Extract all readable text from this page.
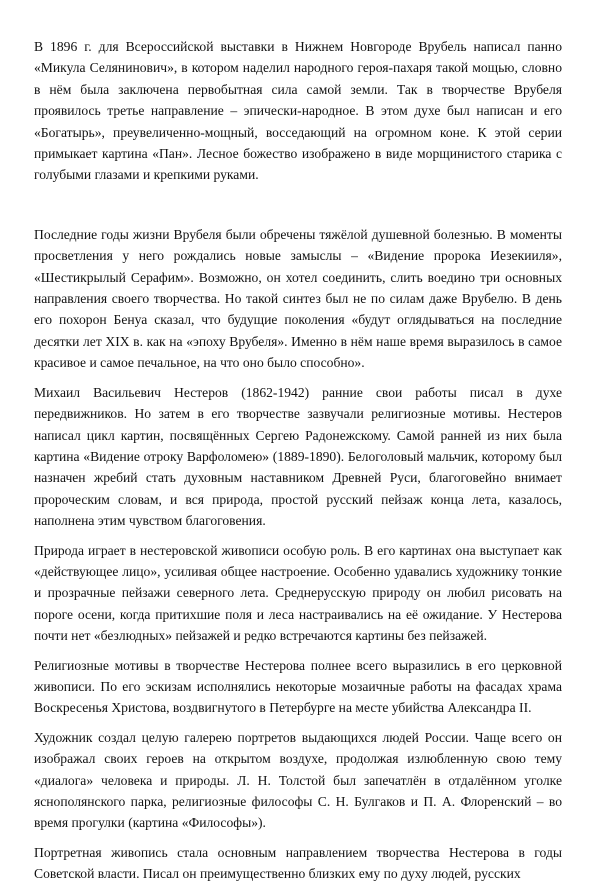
В 1896 г. для Всероссийской выставки в Нижнем Новгороде Врубель написал панно «Микула Селянинович», в котором наделил народного героя-пахаря такой мощью, словно в нём была заключена первобытная сила самой земли. Так в творчестве Врубеля проявилось третье направление – эпически-народное. В этом духе был написан и его «Богатырь», преувеличенно-мощный, восседающий на огромном коне. К этой серии примыкает картина «Пан». Лесное божество изображено в виде морщинистого старика с голубыми глазами и крепкими руками.

Последние годы жизни Врубеля были обречены тяжёлой душевной болезнью. В моменты просветления у него рождались новые замыслы – «Видение пророка Иезекииля», «Шестикрылый Серафим». Возможно, он хотел соединить, слить воедино три основных направления своего творчества. Но такой синтез был не по силам даже Врубелю. В день его похорон Бенуа сказал, что будущие поколения «будут оглядываться на последние десятки лет XIX в. как на «эпоху Врубеля». Именно в нём наше время выразилось в самое красивое и самое печальное, на что оно было способно».

Михаил Васильевич Нестеров (1862-1942) ранние свои работы писал в духе передвижников. Но затем в его творчестве зазвучали религиозные мотивы. Нестеров написал цикл картин, посвящённых Сергею Радонежскому. Самой ранней из них была картина «Видение отроку Варфоломею» (1889-1890). Белоголовый мальчик, которому был назначен жребий стать духовным наставником Древней Руси, благоговейно внимает пророческим словам, и вся природа, простой русский пейзаж конца лета, казалось, наполнена этим чувством благоговения.

Природа играет в нестеровской живописи особую роль. В его картинах она выступает как «действующее лицо», усиливая общее настроение. Особенно удавались художнику тонкие и прозрачные пейзажи северного лета. Среднерусскую природу он любил рисовать на пороге осени, когда притихшие поля и леса настраивались на её ожидание. У Нестерова почти нет «безлюдных» пейзажей и редко встречаются картины без пейзажей.

Религиозные мотивы в творчестве Нестерова полнее всего выразились в его церковной живописи. По его эскизам исполнялись некоторые мозаичные работы на фасадах храма Воскресенья Христова, воздвигнутого в Петербурге на месте убийства Александра II.

Художник создал целую галерею портретов выдающихся людей России. Чаще всего он изображал своих героев на открытом воздухе, продолжая излюбленную свою тему «диалога» человека и природы. Л. Н. Толстой был запечатлён в отдалённом уголке яснополянского парка, религиозные философы С. Н. Булгаков и П. А. Флоренский – во время прогулки (картина «Философы»).

Портретная живопись стала основным направлением творчества Нестерова в годы Советской власти. Писал он преимущественно близких ему по духу людей, русских
